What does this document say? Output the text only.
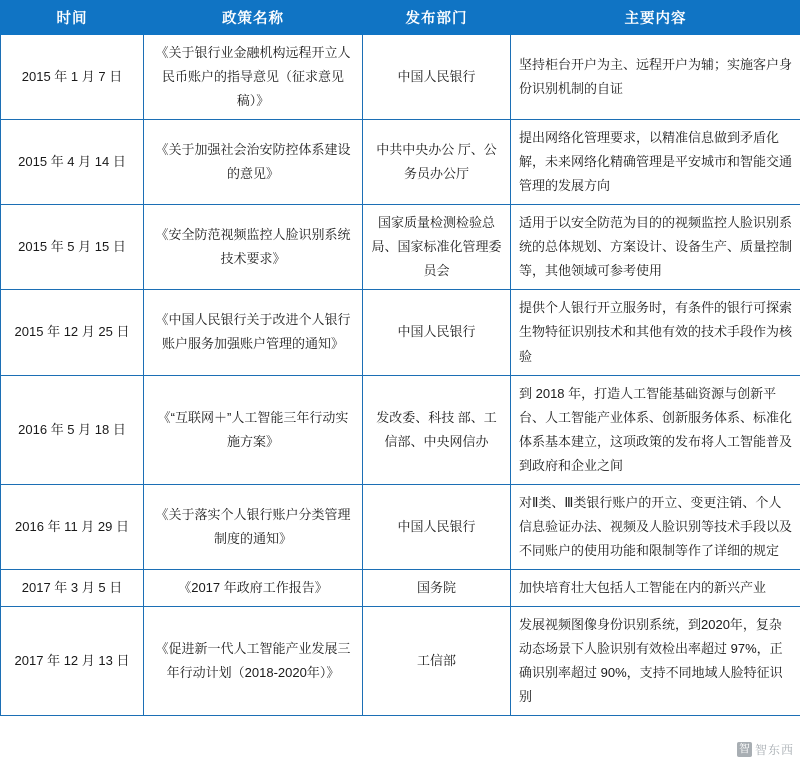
时间	政策名称	发布部门	主要内容
2015 年 1 月 7 日	《关于银行业金融机构远程开立人民币账户的指导意见（征求意见稿）》	中国人民银行	坚持柜台开户为主、远程开户为辅；实施客户身份识别机制的自证
2015 年 4 月 14 日	《关于加强社会治安防控体系建设的意见》	中共中央办公 厅、公务员办公厅	提出网络化管理要求，以精准信息做到矛盾化解，未来网络化精确管理是平安城市和智能交通管理的发展方向
2015 年 5 月 15 日	《安全防范视频监控人脸识别系统技术要求》	国家质量检测检验总局、国家标准化管理委员会	适用于以安全防范为目的的视频监控人脸识别系统的总体规划、方案设计、设备生产、质量控制等，其他领域可参考使用
2015 年 12 月 25 日	《中国人民银行关于改进个人银行账户服务加强账户管理的通知》	中国人民银行	提供个人银行开立服务时，有条件的银行可探索生物特征识别技术和其他有效的技术手段作为核验
2016 年 5 月 18 日	《“互联网＋”人工智能三年行动实施方案》	发改委、科技 部、工信部、中央网信办	到 2018 年，打造人工智能基础资源与创新平台、人工智能产业体系、创新服务体系、标准化体系基本建立，这项政策的发布将人工智能普及到政府和企业之间
2016 年 11 月 29 日	《关于落实个人银行账户分类管理制度的通知》	中国人民银行	对Ⅱ类、Ⅲ类银行账户的开立、变更注销、个人信息验证办法、视频及人脸识别等技术手段以及不同账户的使用功能和限制等作了详细的规定
2017 年 3 月 5 日	《2017 年政府工作报告》	国务院	加快培育壮大包括人工智能在内的新兴产业
2017 年 12 月 13 日	《促进新一代人工智能产业发展三年行动计划（2018-2020年）》	工信部	发展视频图像身份识别系统，到2020年，复杂动态场景下人脸识别有效检出率超过 97%，正确识别率超过 90%，支持不同地域人脸特征识别
智 智东西
